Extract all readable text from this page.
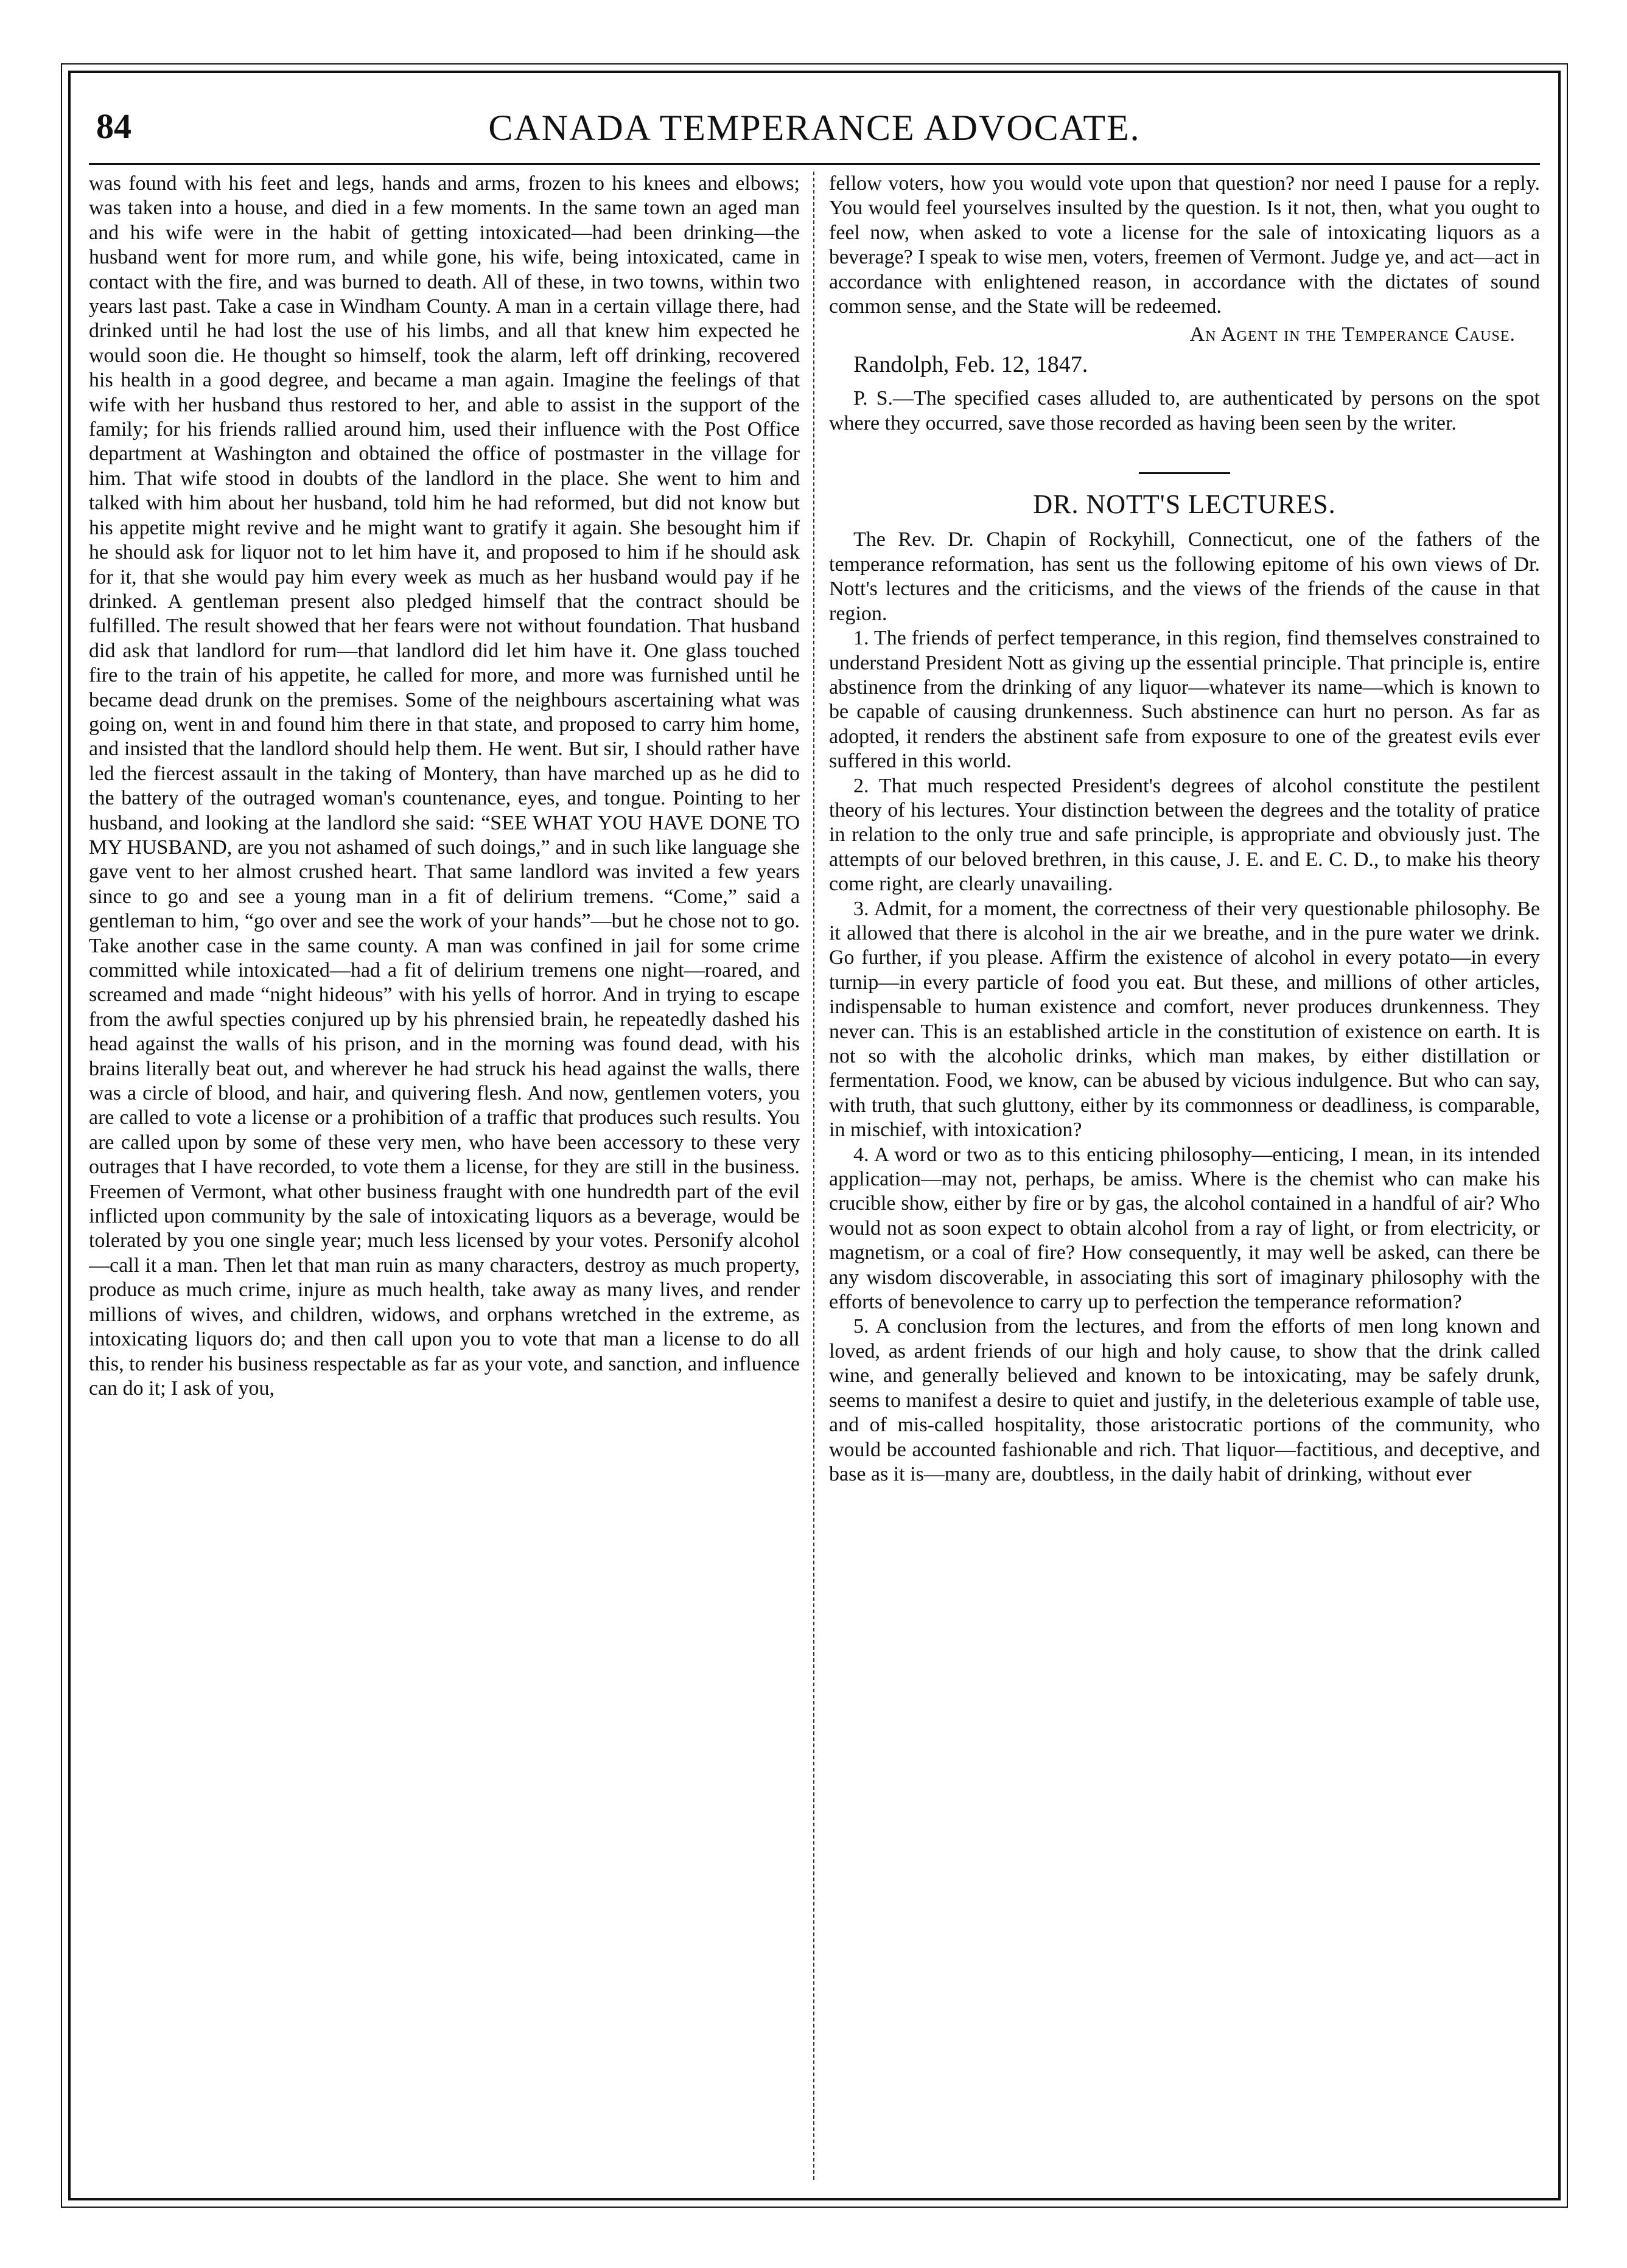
84	CANADA TEMPERANCE ADVOCATE.

was found with his feet and legs, hands and arms, frozen to his knees and elbows; was taken into a house, and died in a few moments. In the same town an aged man and his wife were in the habit of getting intoxicated—had been drinking—the husband went for more rum, and while gone, his wife, being intoxicated, came in contact with the fire, and was burned to death. All of these, in two towns, within two years last past. Take a case in Windham County. A man in a certain village there, had drinked until he had lost the use of his limbs, and all that knew him expected he would soon die. He thought so himself, took the alarm, left off drinking, recovered his health in a good degree, and became a man again. Imagine the feelings of that wife with her husband thus restored to her, and able to assist in the support of the family; for his friends rallied around him, used their influence with the Post Office department at Washington and obtained the office of postmaster in the village for him. That wife stood in doubts of the landlord in the place. She went to him and talked with him about her husband, told him he had reformed, but did not know but his appetite might revive and he might want to gratify it again. She besought him if he should ask for liquor not to let him have it, and proposed to him if he should ask for it, that she would pay him every week as much as her husband would pay if he drinked. A gentleman present also pledged himself that the contract should be fulfilled. The result showed that her fears were not without foundation. That husband did ask that landlord for rum—that landlord did let him have it. One glass touched fire to the train of his appetite, he called for more, and more was furnished until he became dead drunk on the premises. Some of the neighbours ascertaining what was going on, went in and found him there in that state, and proposed to carry him home, and insisted that the landlord should help them. He went. But sir, I should rather have led the fiercest assault in the taking of Montery, than have marched up as he did to the battery of the outraged woman's countenance, eyes, and tongue. Pointing to her husband, and looking at the landlord she said: “SEE WHAT YOU HAVE DONE TO MY HUSBAND, are you not ashamed of such doings,” and in such like language she gave vent to her almost crushed heart. That same landlord was invited a few years since to go and see a young man in a fit of delirium tremens. “Come,” said a gentleman to him, “go over and see the work of your hands”—but he chose not to go. Take another case in the same county. A man was confined in jail for some crime committed while intoxicated—had a fit of delirium tremens one night—roared, and screamed and made “night hideous” with his yells of horror. And in trying to escape from the awful specties conjured up by his phrensied brain, he repeatedly dashed his head against the walls of his prison, and in the morning was found dead, with his brains literally beat out, and wherever he had struck his head against the walls, there was a circle of blood, and hair, and quivering flesh. And now, gentlemen voters, you are called to vote a license or a prohibition of a traffic that produces such results. You are called upon by some of these very men, who have been accessory to these very outrages that I have recorded, to vote them a license, for they are still in the business. Freemen of Vermont, what other business fraught with one hundredth part of the evil inflicted upon community by the sale of intoxicating liquors as a beverage, would be tolerated by you one single year; much less licensed by your votes. Personify alcohol—call it a man. Then let that man ruin as many characters, destroy as much property, produce as much crime, injure as much health, take away as many lives, and render millions of wives, and children, widows, and orphans wretched in the extreme, as intoxicating liquors do; and then call upon you to vote that man a license to do all this, to render his business respectable as far as your vote, and sanction, and influence can do it; I ask of you,

fellow voters, how you would vote upon that question? nor need I pause for a reply. You would feel yourselves insulted by the question. Is it not, then, what you ought to feel now, when asked to vote a license for the sale of intoxicating liquors as a beverage? I speak to wise men, voters, freemen of Vermont. Judge ye, and act—act in accordance with enlightened reason, in accordance with the dictates of sound common sense, and the State will be redeemed.

An Agent in the Temperance Cause.
Randolph, Feb. 12, 1847.

P. S.—The specified cases alluded to, are authenticated by persons on the spot where they occurred, save those recorded as having been seen by the writer.

DR. NOTT'S LECTURES.

The Rev. Dr. Chapin of Rockyhill, Connecticut, one of the fathers of the temperance reformation, has sent us the following epitome of his own views of Dr. Nott's lectures and the criticisms, and the views of the friends of the cause in that region.

1. The friends of perfect temperance, in this region, find themselves constrained to understand President Nott as giving up the essential principle. That principle is, entire abstinence from the drinking of any liquor—whatever its name—which is known to be capable of causing drunkenness. Such abstinence can hurt no person. As far as adopted, it renders the abstinent safe from exposure to one of the greatest evils ever suffered in this world.

2. That much respected President's degrees of alcohol constitute the pestilent theory of his lectures. Your distinction between the degrees and the totality of pratice in relation to the only true and safe principle, is appropriate and obviously just. The attempts of our beloved brethren, in this cause, J. E. and E. C. D., to make his theory come right, are clearly unavailing.

3. Admit, for a moment, the correctness of their very questionable philosophy. Be it allowed that there is alcohol in the air we breathe, and in the pure water we drink. Go further, if you please. Affirm the existence of alcohol in every potato—in every turnip—in every particle of food you eat. But these, and millions of other articles, indispensable to human existence and comfort, never produces drunkenness. They never can. This is an established article in the constitution of existence on earth. It is not so with the alcoholic drinks, which man makes, by either distillation or fermentation. Food, we know, can be abused by vicious indulgence. But who can say, with truth, that such gluttony, either by its commonness or deadliness, is comparable, in mischief, with intoxication?

4. A word or two as to this enticing philosophy—enticing, I mean, in its intended application—may not, perhaps, be amiss. Where is the chemist who can make his crucible show, either by fire or by gas, the alcohol contained in a handful of air? Who would not as soon expect to obtain alcohol from a ray of light, or from electricity, or magnetism, or a coal of fire? How consequently, it may well be asked, can there be any wisdom discoverable, in associating this sort of imaginary philosophy with the efforts of benevolence to carry up to perfection the temperance reformation?

5. A conclusion from the lectures, and from the efforts of men long known and loved, as ardent friends of our high and holy cause, to show that the drink called wine, and generally believed and known to be intoxicating, may be safely drunk, seems to manifest a desire to quiet and justify, in the deleterious example of table use, and of mis-called hospitality, those aristocratic portions of the community, who would be accounted fashionable and rich. That liquor—factitious, and deceptive, and base as it is—many are, doubtless, in the daily habit of drinking, without ever
